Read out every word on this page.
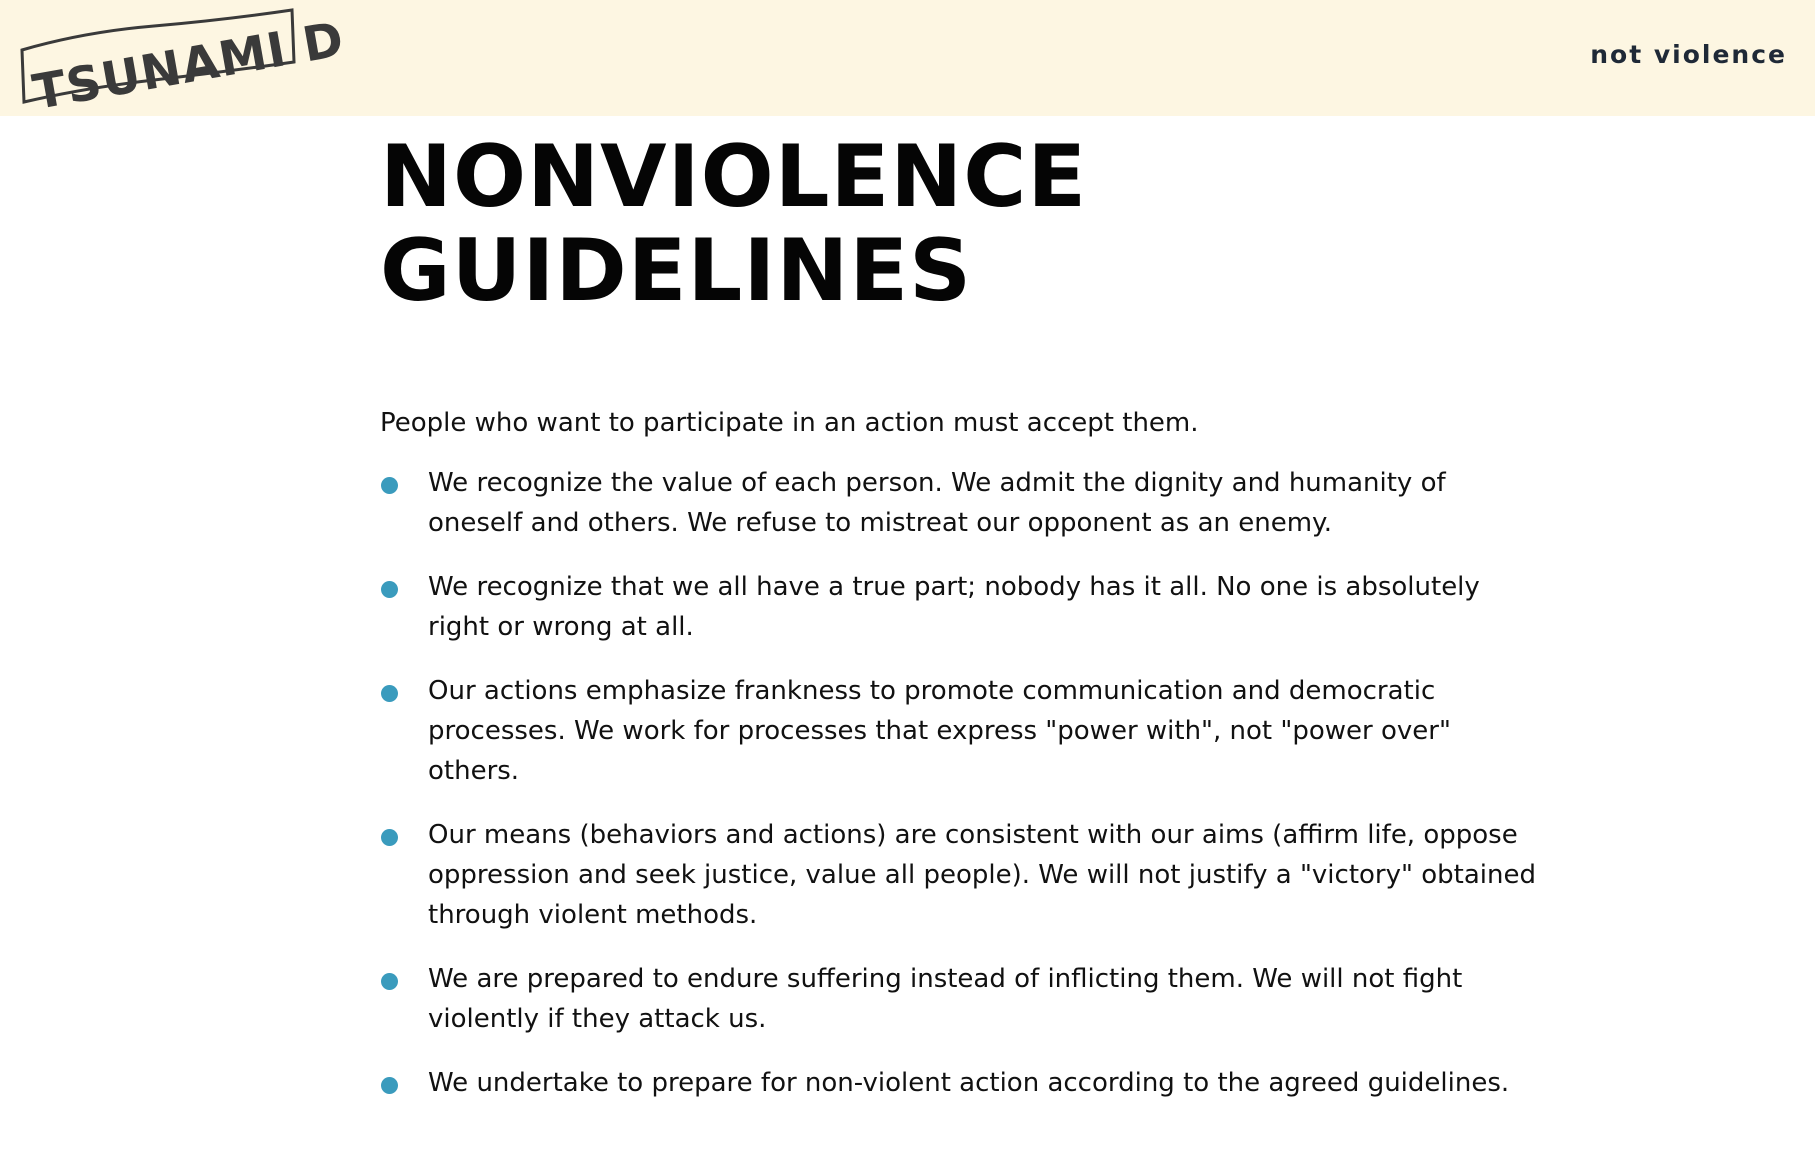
TSUNAMI D	not violence
NONVIOLENCE
GUIDELINES

People who want to participate in an action must accept them.

We recognize the value of each person. We admit the dignity and humanity of oneself and others. We refuse to mistreat our opponent as an enemy.
We recognize that we all have a true part; nobody has it all. No one is absolutely right or wrong at all.
Our actions emphasize frankness to promote communication and democratic processes. We work for processes that express "power with", not "power over" others.
Our means (behaviors and actions) are consistent with our aims (affirm life, oppose oppression and seek justice, value all people). We will not justify a "victory" obtained through violent methods.
We are prepared to endure suffering instead of inflicting them. We will not fight violently if they attack us.
We undertake to prepare for non-violent action according to the agreed guidelines.
